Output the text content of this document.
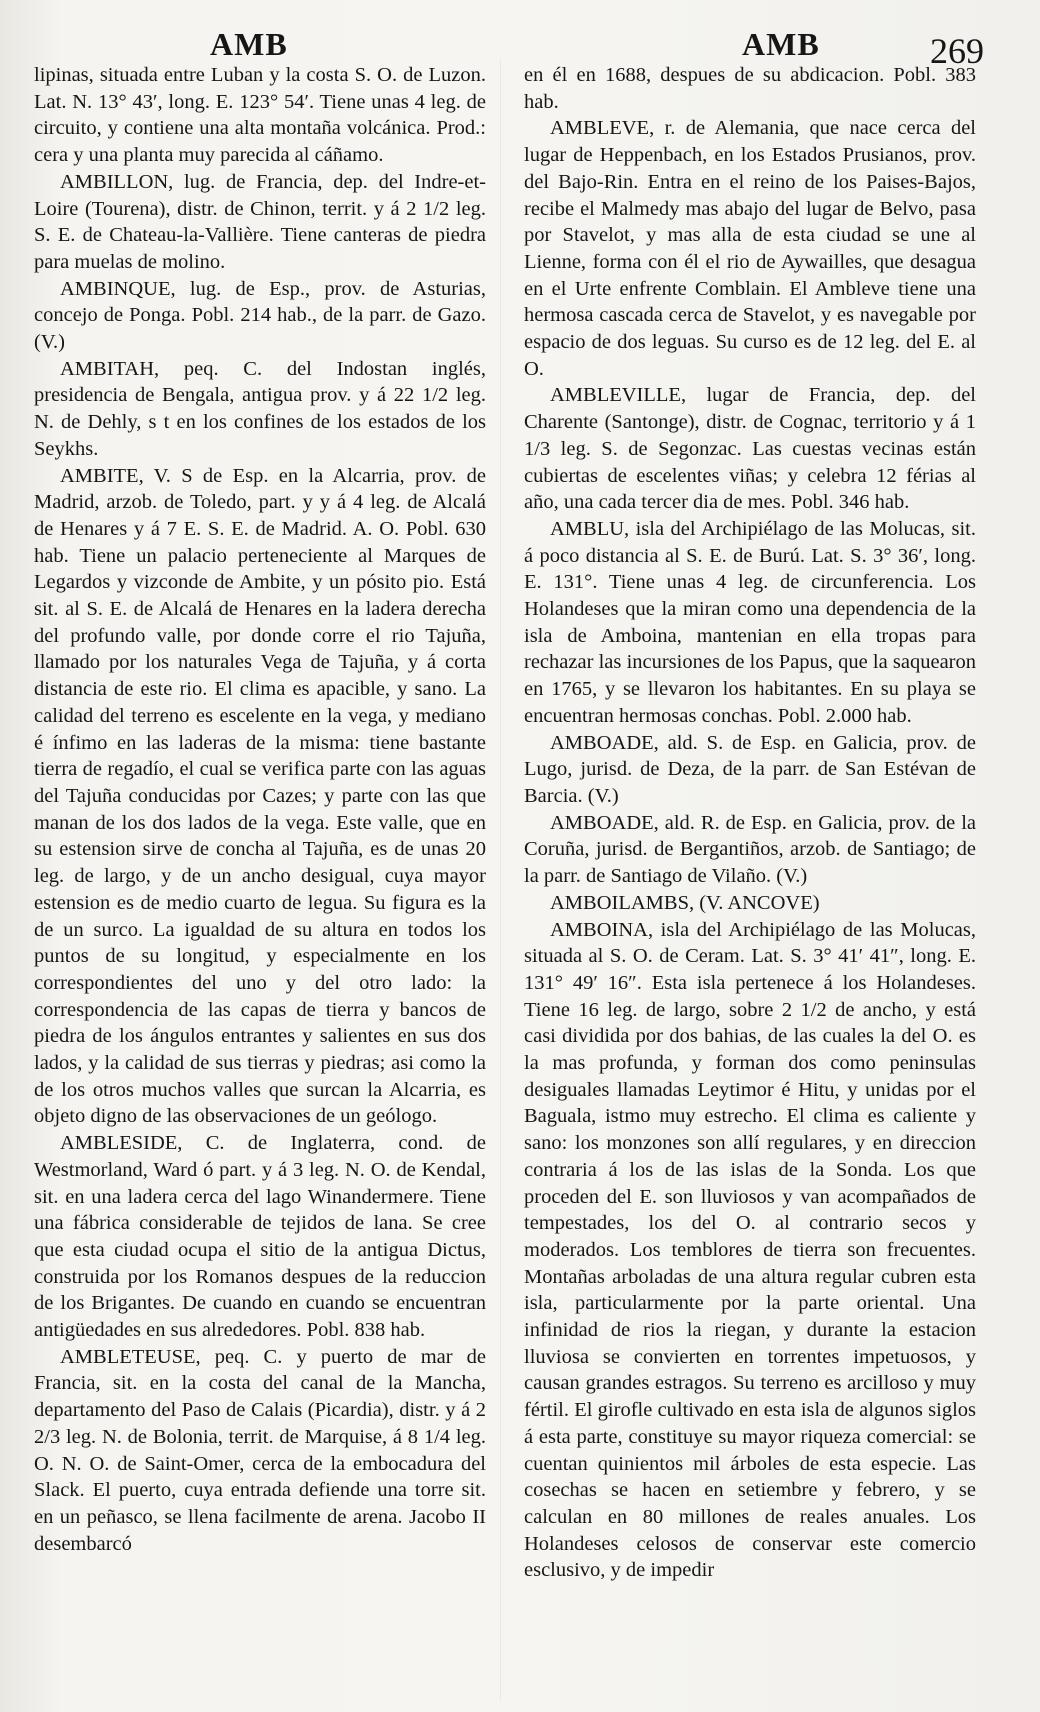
AMB	AMB	269

lipinas, situada entre Luban y la costa S. O. de Luzon. Lat. N. 13° 43′, long. E. 123° 54′. Tiene unas 4 leg. de circuito, y contiene una alta montaña volcánica. Prod.: cera y una planta muy parecida al cáñamo.

AMBILLON, lug. de Francia, dep. del Indre-et-Loire (Tourena), distr. de Chinon, territ. y á 2 1/2 leg. S. E. de Chateau-la-Vallière. Tiene canteras de piedra para muelas de molino.

AMBINQUE, lug. de Esp., prov. de Asturias, concejo de Ponga. Pobl. 214 hab., de la parr. de Gazo. (V.)

AMBITAH, peq. C. del Indostan inglés, presidencia de Bengala, antigua prov. y á 22 1/2 leg. N. de Dehly, s t en los confines de los estados de los Seykhs.

AMBITE, V. S de Esp. en la Alcarria, prov. de Madrid, arzob. de Toledo, part. y y á 4 leg. de Alcalá de Henares y á 7 E. S. E. de Madrid. A. O. Pobl. 630 hab. Tiene un palacio perteneciente al Marques de Legardos y vizconde de Ambite, y un pósito pio. Está sit. al S. E. de Alcalá de Henares en la ladera derecha del profundo valle, por donde corre el rio Tajuña, llamado por los naturales Vega de Tajuña, y á corta distancia de este rio. El clima es apacible, y sano. La calidad del terreno es escelente en la vega, y mediano é ínfimo en las laderas de la misma: tiene bastante tierra de regadío, el cual se verifica parte con las aguas del Tajuña conducidas por Cazes; y parte con las que manan de los dos lados de la vega. Este valle, que en su estension sirve de concha al Tajuña, es de unas 20 leg. de largo, y de un ancho desigual, cuya mayor estension es de medio cuarto de legua. Su figura es la de un surco. La igualdad de su altura en todos los puntos de su longitud, y especialmente en los correspondientes del uno y del otro lado: la correspondencia de las capas de tierra y bancos de piedra de los ángulos entrantes y salientes en sus dos lados, y la calidad de sus tierras y piedras; asi como la de los otros muchos valles que surcan la Alcarria, es objeto digno de las observaciones de un geólogo.

AMBLESIDE, C. de Inglaterra, cond. de Westmorland, Ward ó part. y á 3 leg. N. O. de Kendal, sit. en una ladera cerca del lago Winandermere. Tiene una fábrica considerable de tejidos de lana. Se cree que esta ciudad ocupa el sitio de la antigua Dictus, construida por los Romanos despues de la reduccion de los Brigantes. De cuando en cuando se encuentran antigüedades en sus alrededores. Pobl. 838 hab.

AMBLETEUSE, peq. C. y puerto de mar de Francia, sit. en la costa del canal de la Mancha, departamento del Paso de Calais (Picardia), distr. y á 2 2/3 leg. N. de Bolonia, territ. de Marquise, á 8 1/4 leg. O. N. O. de Saint-Omer, cerca de la embocadura del Slack. El puerto, cuya entrada defiende una torre sit. en un peñasco, se llena facilmente de arena. Jacobo II desembarcó

en él en 1688, despues de su abdicacion. Pobl. 383 hab.

AMBLEVE, r. de Alemania, que nace cerca del lugar de Heppenbach, en los Estados Prusianos, prov. del Bajo-Rin. Entra en el reino de los Paises-Bajos, recibe el Malmedy mas abajo del lugar de Belvo, pasa por Stavelot, y mas alla de esta ciudad se une al Lienne, forma con él el rio de Aywailles, que desagua en el Urte enfrente Comblain. El Ambleve tiene una hermosa cascada cerca de Stavelot, y es navegable por espacio de dos leguas. Su curso es de 12 leg. del E. al O.

AMBLEVILLE, lugar de Francia, dep. del Charente (Santonge), distr. de Cognac, territorio y á 1 1/3 leg. S. de Segonzac. Las cuestas vecinas están cubiertas de escelentes viñas; y celebra 12 férias al año, una cada tercer dia de mes. Pobl. 346 hab.

AMBLU, isla del Archipiélago de las Molucas, sit. á poco distancia al S. E. de Burú. Lat. S. 3° 36′, long. E. 131°. Tiene unas 4 leg. de circunferencia. Los Holandeses que la miran como una dependencia de la isla de Amboina, mantenian en ella tropas para rechazar las incursiones de los Papus, que la saquearon en 1765, y se llevaron los habitantes. En su playa se encuentran hermosas conchas. Pobl. 2.000 hab.

AMBOADE, ald. S. de Esp. en Galicia, prov. de Lugo, jurisd. de Deza, de la parr. de San Estévan de Barcia. (V.)

AMBOADE, ald. R. de Esp. en Galicia, prov. de la Coruña, jurisd. de Bergantiños, arzob. de Santiago; de la parr. de Santiago de Vilaño. (V.)

AMBOILAMBS, (V. ANCOVE)

AMBOINA, isla del Archipiélago de las Molucas, situada al S. O. de Ceram. Lat. S. 3° 41′ 41″, long. E. 131° 49′ 16″. Esta isla pertenece á los Holandeses. Tiene 16 leg. de largo, sobre 2 1/2 de ancho, y está casi dividida por dos bahias, de las cuales la del O. es la mas profunda, y forman dos como peninsulas desiguales llamadas Leytimor é Hitu, y unidas por el Baguala, istmo muy estrecho. El clima es caliente y sano: los monzones son allí regulares, y en direccion contraria á los de las islas de la Sonda. Los que proceden del E. son lluviosos y van acompañados de tempestades, los del O. al contrario secos y moderados. Los temblores de tierra son frecuentes. Montañas arboladas de una altura regular cubren esta isla, particularmente por la parte oriental. Una infinidad de rios la riegan, y durante la estacion lluviosa se convierten en torrentes impetuosos, y causan grandes estragos. Su terreno es arcilloso y muy fértil. El girofle cultivado en esta isla de algunos siglos á esta parte, constituye su mayor riqueza comercial: se cuentan quinientos mil árboles de esta especie. Las cosechas se hacen en setiembre y febrero, y se calculan en 80 millones de reales anuales. Los Holandeses celosos de conservar este comercio esclusivo, y de impedir
